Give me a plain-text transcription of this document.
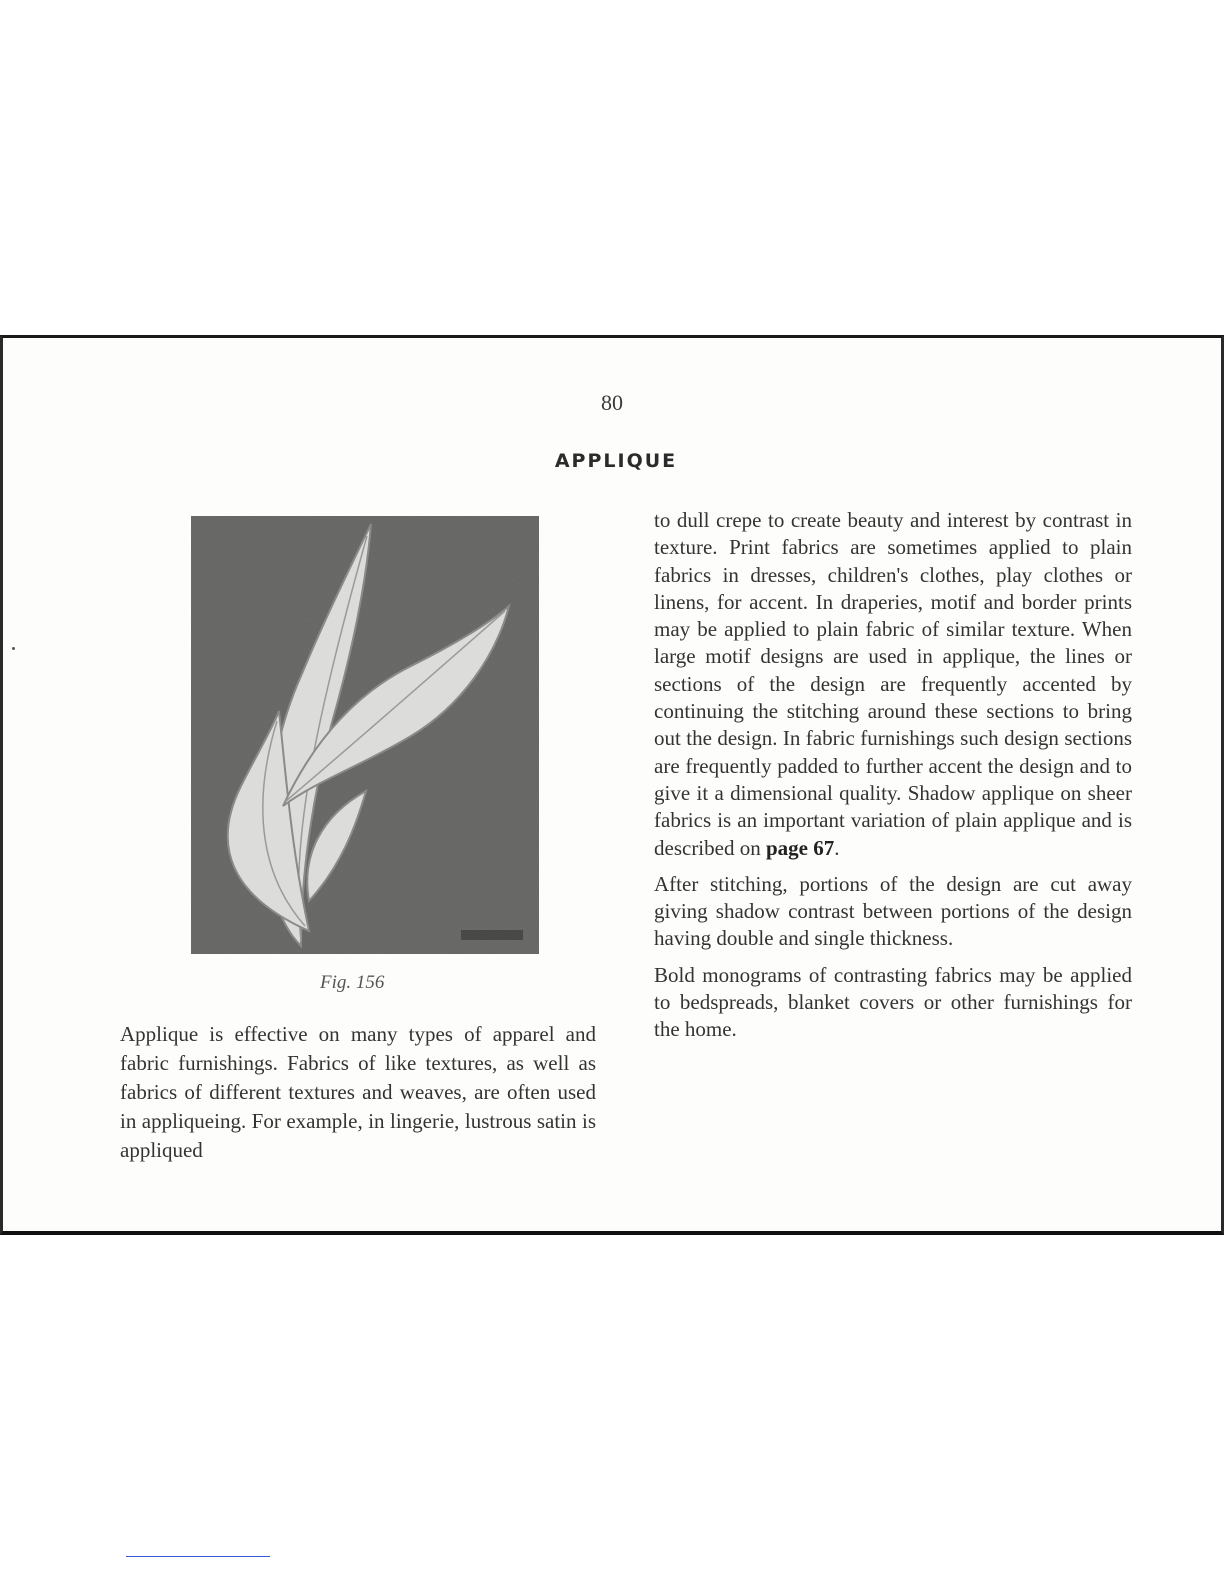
80
APPLIQUE
Fig. 156

Applique is effective on many types of apparel and fabric furnishings. Fabrics of like textures, as well as fabrics of different textures and weaves, are often used in appliqueing. For example, in lingerie, lustrous satin is appliqued

to dull crepe to create beauty and interest by contrast in texture. Print fabrics are sometimes applied to plain fabrics in dresses, children's clothes, play clothes or linens, for accent. In draperies, motif and border prints may be applied to plain fabric of similar texture. When large motif designs are used in applique, the lines or sections of the design are frequently accented by continuing the stitching around these sections to bring out the design. In fabric furnishings such design sections are frequently padded to further accent the design and to give it a dimensional quality. Shadow applique on sheer fabrics is an important variation of plain applique and is described on page 67.

After stitching, portions of the design are cut away giving shadow contrast between portions of the design having double and single thickness.

Bold monograms of contrasting fabrics may be applied to bedspreads, blanket covers or other furnishings for the home.
